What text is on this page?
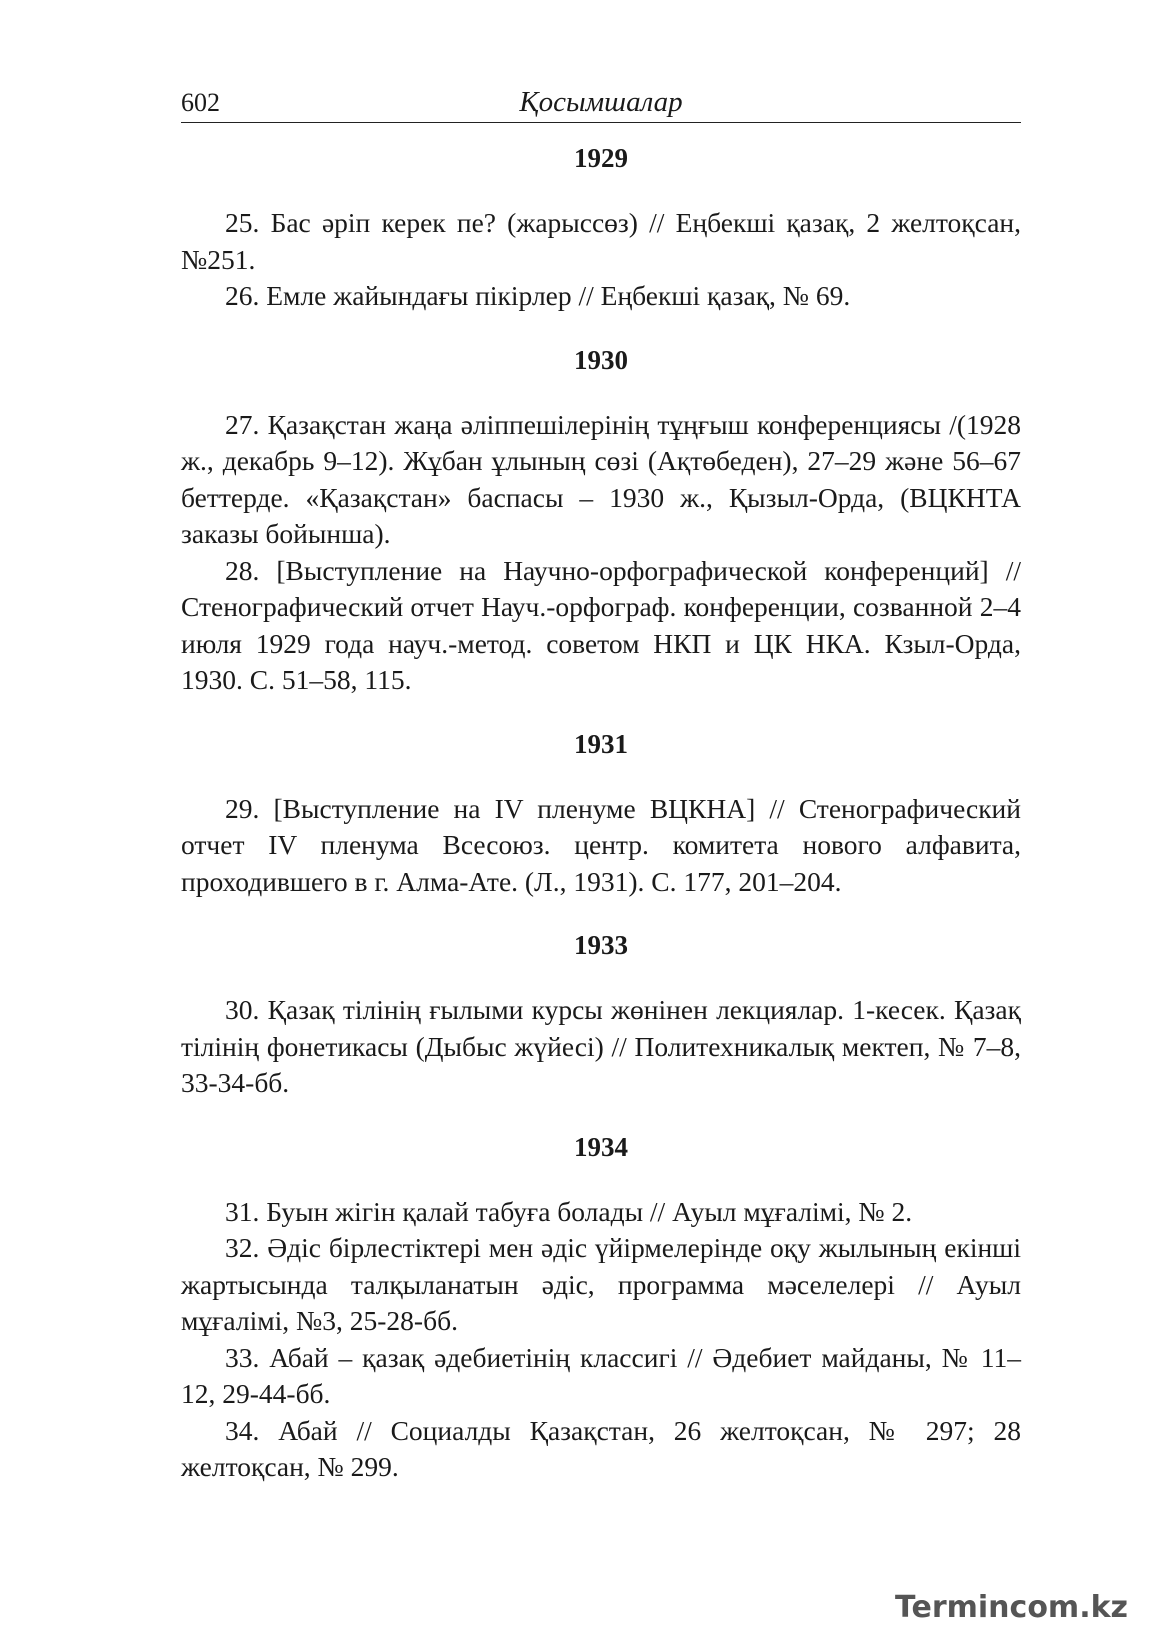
602	Қосымшалар

1929

25. Бас әріп керек пе? (жарыссөз) // Еңбекші қазақ, 2 желтоқсан, №251.

26. Емле жайындағы пікірлер // Еңбекші қазақ, № 69.

1930

27. Қазақстан жаңа әліппешілерінің тұңғыш конференциясы /(1928 ж., декабрь 9–12). Жұбан ұлының сөзі (Ақтөбеден), 27–29 және 56–67 беттерде. «Қазақстан» баспасы – 1930 ж., Қызыл-Орда, (ВЦКНТА заказы бойынша).

28. [Выступление на Научно-орфографической конференций] // Стенографический отчет Науч.-орфограф. конференции, созванной 2–4 июля 1929 года науч.-метод. советом НКП и ЦК НКА. Кзыл-Орда, 1930. С. 51–58, 115.

1931

29. [Выступление на IV пленуме ВЦКНА] // Стенографический отчет IV пленума Всесоюз. центр. комитета нового алфавита, проходившего в г. Алма-Ате. (Л., 1931). С. 177, 201–204.

1933

30. Қазақ тілінің ғылыми курсы жөнінен лекциялар. 1-кесек. Қазақ тілінің фонетикасы (Дыбыс жүйесі) // Политехникалық мектеп, № 7–8, 33-34-бб.

1934

31. Буын жігін қалай табуға болады // Ауыл мұғалімі, № 2.

32. Әдіс бірлестіктері мен әдіс үйірмелерінде оқу жылының екінші жартысында талқыланатын әдіс, программа мәселелері // Ауыл мұғалімі, №3, 25-28-бб.

33. Абай – қазақ әдебиетінің классигі // Әдебиет майданы, № 11–12, 29-44-бб.

34. Абай // Социалды Қазақстан, 26 желтоқсан, № 297; 28 желтоқсан, № 299.

Termincom.kz
